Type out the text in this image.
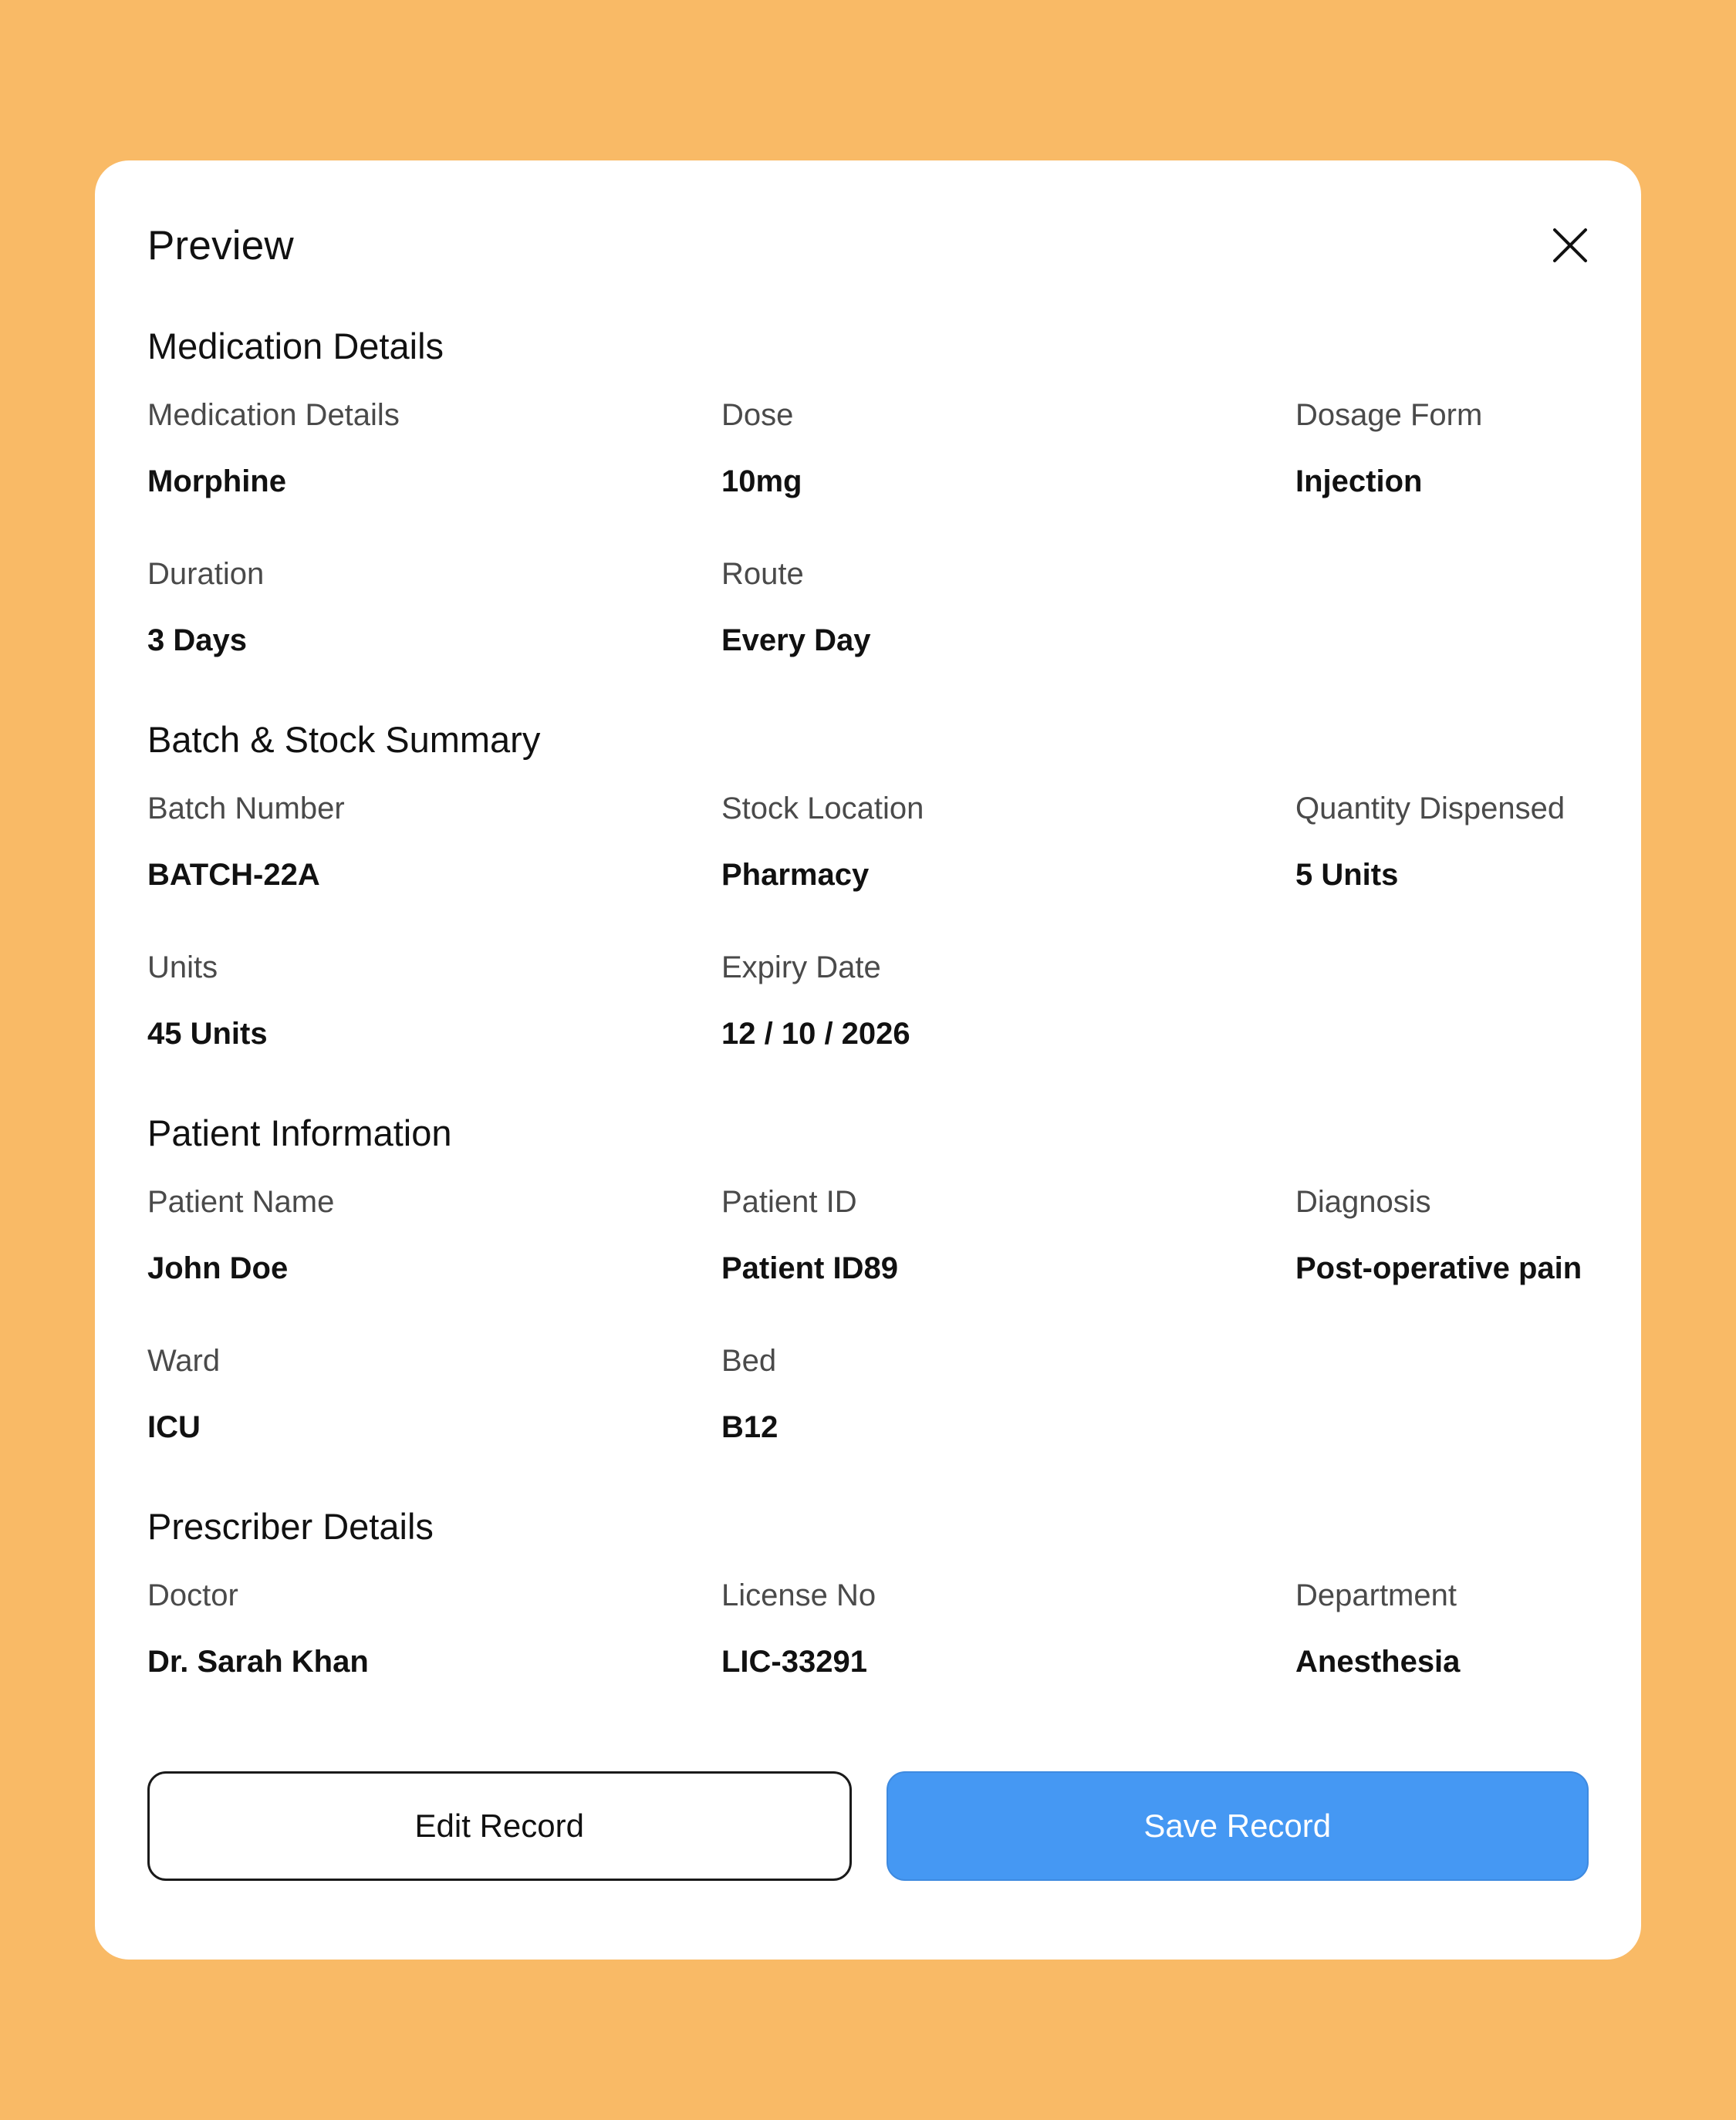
Preview
Medication Details
Medication Details
Morphine
Dose
10mg
Dosage Form
Injection
Duration
3 Days
Route
Every Day
Batch & Stock Summary
Batch Number
BATCH-22A
Stock Location
Pharmacy
Quantity Dispensed
5 Units
Units
45 Units
Expiry Date
12 / 10 / 2026
Patient Information
Patient Name
John Doe
Patient ID
Patient ID89
Diagnosis
Post-operative pain
Ward
ICU
Bed
B12
Prescriber Details
Doctor
Dr. Sarah Khan
License No
LIC-33291
Department
Anesthesia
Edit Record	Save Record
